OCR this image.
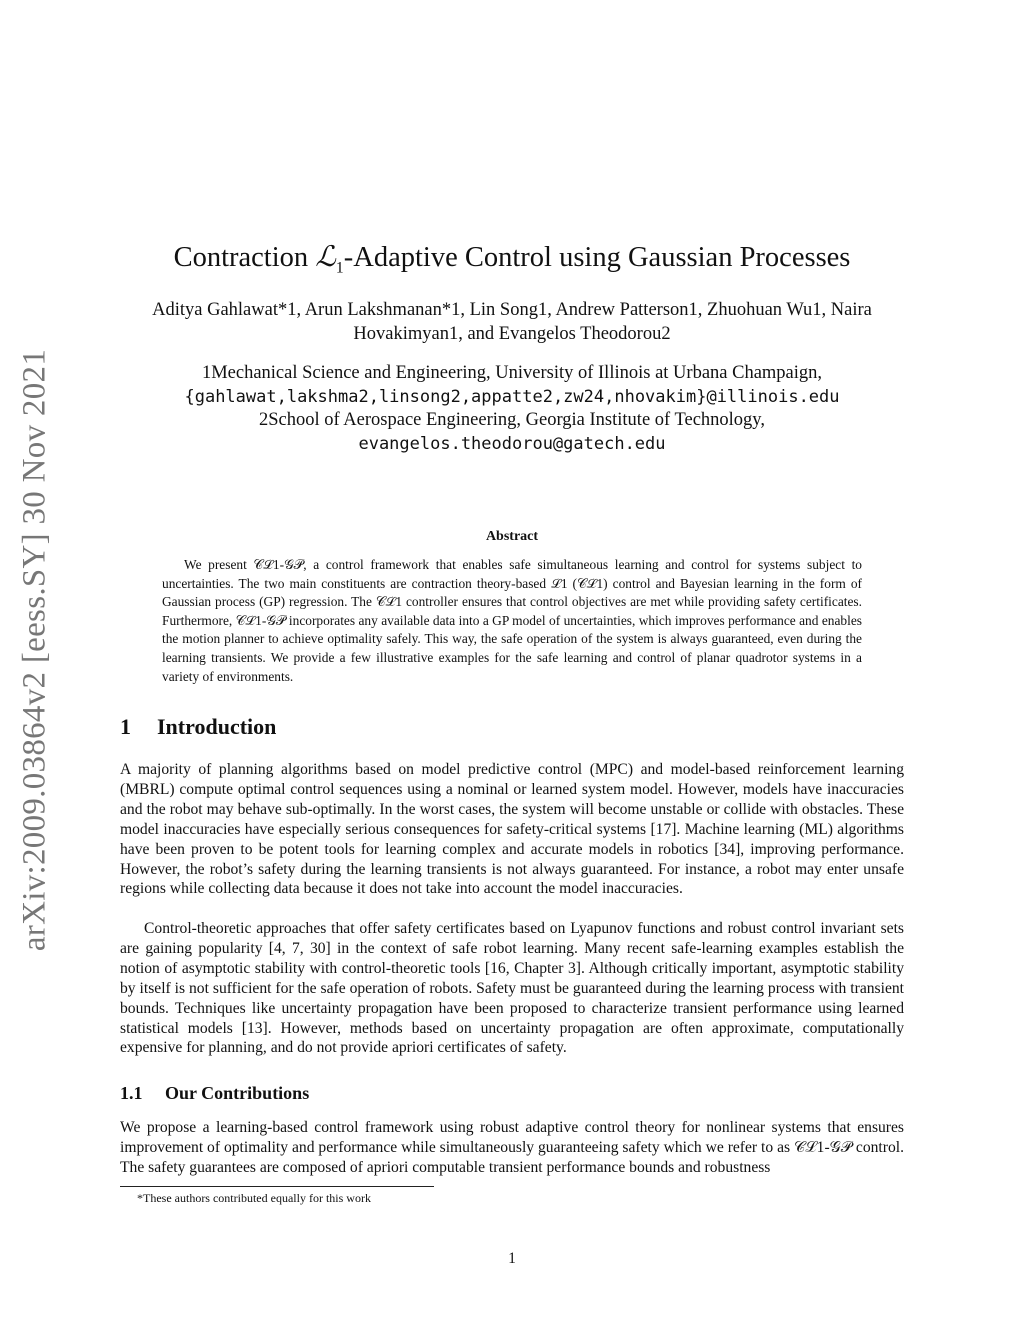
arXiv:2009.03864v2 [eess.SY] 30 Nov 2021
Contraction ℒ$_1$-Adaptive Control using Gaussian Processes
Aditya Gahlawat*1, Arun Lakshmanan*1, Lin Song1, Andrew Patterson1, Zhuohuan Wu1, Naira
Hovakimyan1, and Evangelos Theodorou2
1Mechanical Science and Engineering, University of Illinois at Urbana Champaign,
{gahlawat,lakshma2,linsong2,appatte2,zw24,nhovakim}@illinois.edu
2School of Aerospace Engineering, Georgia Institute of Technology,
evangelos.theodorou@gatech.edu
Abstract

We present 𝒞ℒ1-𝒢𝒫, a control framework that enables safe simultaneous learning and control for systems subject to uncertainties. The two main constituents are contraction theory-based ℒ1 (𝒞ℒ1) control and Bayesian learning in the form of Gaussian process (GP) regression. The 𝒞ℒ1 controller ensures that control objectives are met while providing safety certificates. Furthermore, 𝒞ℒ1-𝒢𝒫 incorporates any available data into a GP model of uncertainties, which improves performance and enables the motion planner to achieve optimality safely. This way, the safe operation of the system is always guaranteed, even during the learning transients. We provide a few illustrative examples for the safe learning and control of planar quadrotor systems in a variety of environments.

1 Introduction

A majority of planning algorithms based on model predictive control (MPC) and model-based reinforcement learning (MBRL) compute optimal control sequences using a nominal or learned system model. However, models have inaccuracies and the robot may behave sub-optimally. In the worst cases, the system will become unstable or collide with obstacles. These model inaccuracies have especially serious consequences for safety-critical systems [17]. Machine learning (ML) algorithms have been proven to be potent tools for learning complex and accurate models in robotics [34], improving performance. However, the robot’s safety during the learning transients is not always guaranteed. For instance, a robot may enter unsafe regions while collecting data because it does not take into account the model inaccuracies.

Control-theoretic approaches that offer safety certificates based on Lyapunov functions and robust control invariant sets are gaining popularity [4, 7, 30] in the context of safe robot learning. Many recent safe-learning examples establish the notion of asymptotic stability with control-theoretic tools [16, Chapter 3]. Although critically important, asymptotic stability by itself is not sufficient for the safe operation of robots. Safety must be guaranteed during the learning process with transient bounds. Techniques like uncertainty propagation have been proposed to characterize transient performance using learned statistical models [13]. However, methods based on uncertainty propagation are often approximate, computationally expensive for planning, and do not provide apriori certificates of safety.

1.1 Our Contributions

We propose a learning-based control framework using robust adaptive control theory for nonlinear systems that ensures improvement of optimality and performance while simultaneously guaranteeing safety which we refer to as 𝒞ℒ1-𝒢𝒫 control. The safety guarantees are composed of apriori computable transient performance bounds and robustness

*These authors contributed equally for this work
1
